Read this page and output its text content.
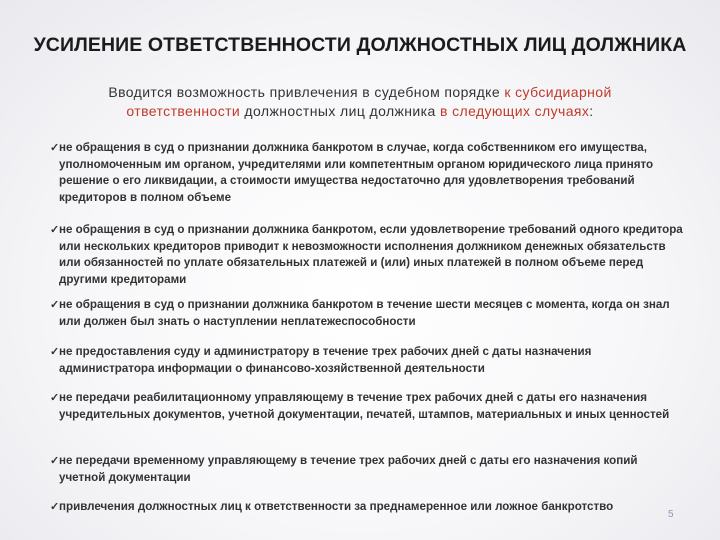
УСИЛЕНИЕ ОТВЕТСТВЕННОСТИ ДОЛЖНОСТНЫХ ЛИЦ ДОЛЖНИКА
Вводится возможность привлечения в судебном порядке к субсидиарной ответственности должностных лиц должника в следующих случаях:
✓ не обращения в суд о признании должника банкротом в случае, когда собственником его имущества, уполномоченным им органом, учредителями или компетентным органом юридического лица принято решение о его ликвидации, а стоимости имущества недостаточно для удовлетворения требований кредиторов в полном объеме
✓ не обращения в суд о признании должника банкротом, если удовлетворение требований одного кредитора или нескольких кредиторов приводит к невозможности исполнения должником денежных обязательств или обязанностей по уплате обязательных платежей и (или) иных платежей в полном объеме перед другими кредиторами
✓ не обращения в суд о признании должника банкротом в течение шести месяцев с момента, когда он знал или должен был знать о наступлении неплатежеспособности
✓ не предоставления суду и администратору в течение трех рабочих дней с даты назначения администратора информации о финансово-хозяйственной деятельности
✓ не передачи реабилитационному управляющему в течение трех рабочих дней с даты его назначения учредительных документов, учетной документации, печатей, штампов, материальных и иных ценностей
✓ не передачи временному управляющему в течение трех рабочих дней с даты его назначения копий учетной документации
✓ привлечения должностных лиц к ответственности за преднамеренное или ложное банкротство
5
